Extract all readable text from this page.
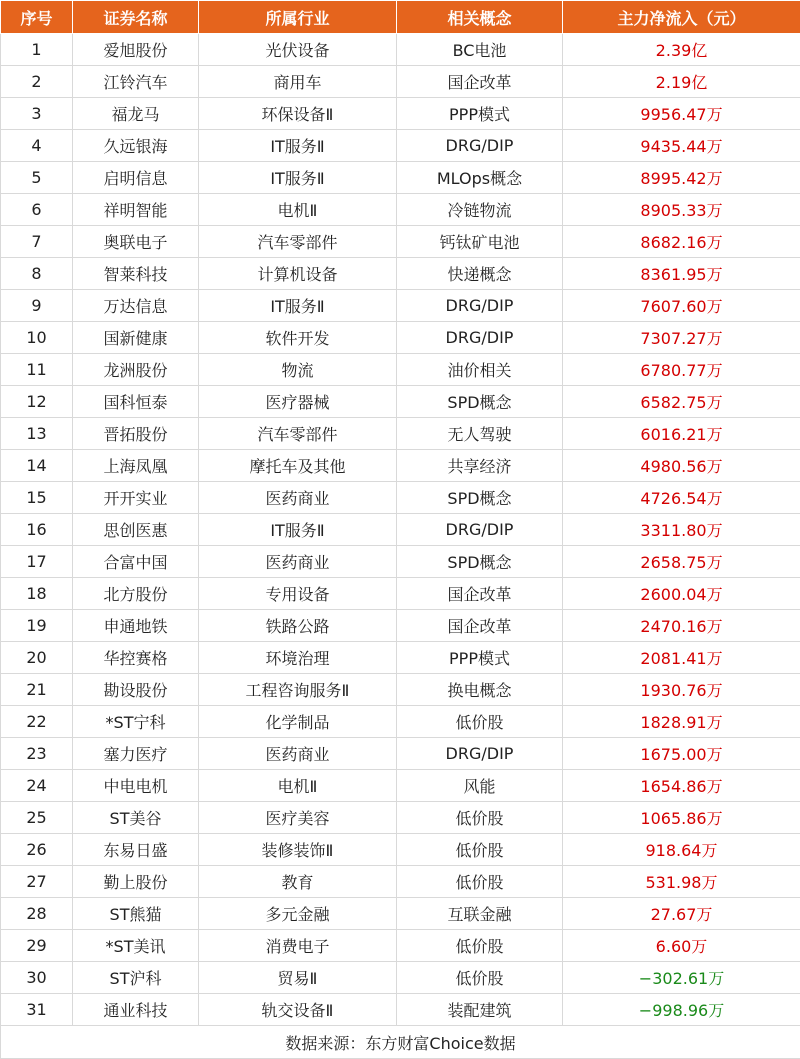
序号	证券名称	所属行业	相关概念	主力净流入（元）
1	爱旭股份	光伏设备	BC电池	2.39亿
2	江铃汽车	商用车	国企改革	2.19亿
3	福龙马	环保设备Ⅱ	PPP模式	9956.47万
4	久远银海	IT服务Ⅱ	DRG/DIP	9435.44万
5	启明信息	IT服务Ⅱ	MLOps概念	8995.42万
6	祥明智能	电机Ⅱ	冷链物流	8905.33万
7	奥联电子	汽车零部件	钙钛矿电池	8682.16万
8	智莱科技	计算机设备	快递概念	8361.95万
9	万达信息	IT服务Ⅱ	DRG/DIP	7607.60万
10	国新健康	软件开发	DRG/DIP	7307.27万
11	龙洲股份	物流	油价相关	6780.77万
12	国科恒泰	医疗器械	SPD概念	6582.75万
13	晋拓股份	汽车零部件	无人驾驶	6016.21万
14	上海凤凰	摩托车及其他	共享经济	4980.56万
15	开开实业	医药商业	SPD概念	4726.54万
16	思创医惠	IT服务Ⅱ	DRG/DIP	3311.80万
17	合富中国	医药商业	SPD概念	2658.75万
18	北方股份	专用设备	国企改革	2600.04万
19	申通地铁	铁路公路	国企改革	2470.16万
20	华控赛格	环境治理	PPP模式	2081.41万
21	勘设股份	工程咨询服务Ⅱ	换电概念	1930.76万
22	*ST宁科	化学制品	低价股	1828.91万
23	塞力医疗	医药商业	DRG/DIP	1675.00万
24	中电电机	电机Ⅱ	风能	1654.86万
25	ST美谷	医疗美容	低价股	1065.86万
26	东易日盛	装修装饰Ⅱ	低价股	918.64万
27	勤上股份	教育	低价股	531.98万
28	ST熊猫	多元金融	互联金融	27.67万
29	*ST美讯	消费电子	低价股	6.60万
30	ST沪科	贸易Ⅱ	低价股	−302.61万
31	通业科技	轨交设备Ⅱ	装配建筑	−998.96万
数据来源：东方财富Choice数据				
